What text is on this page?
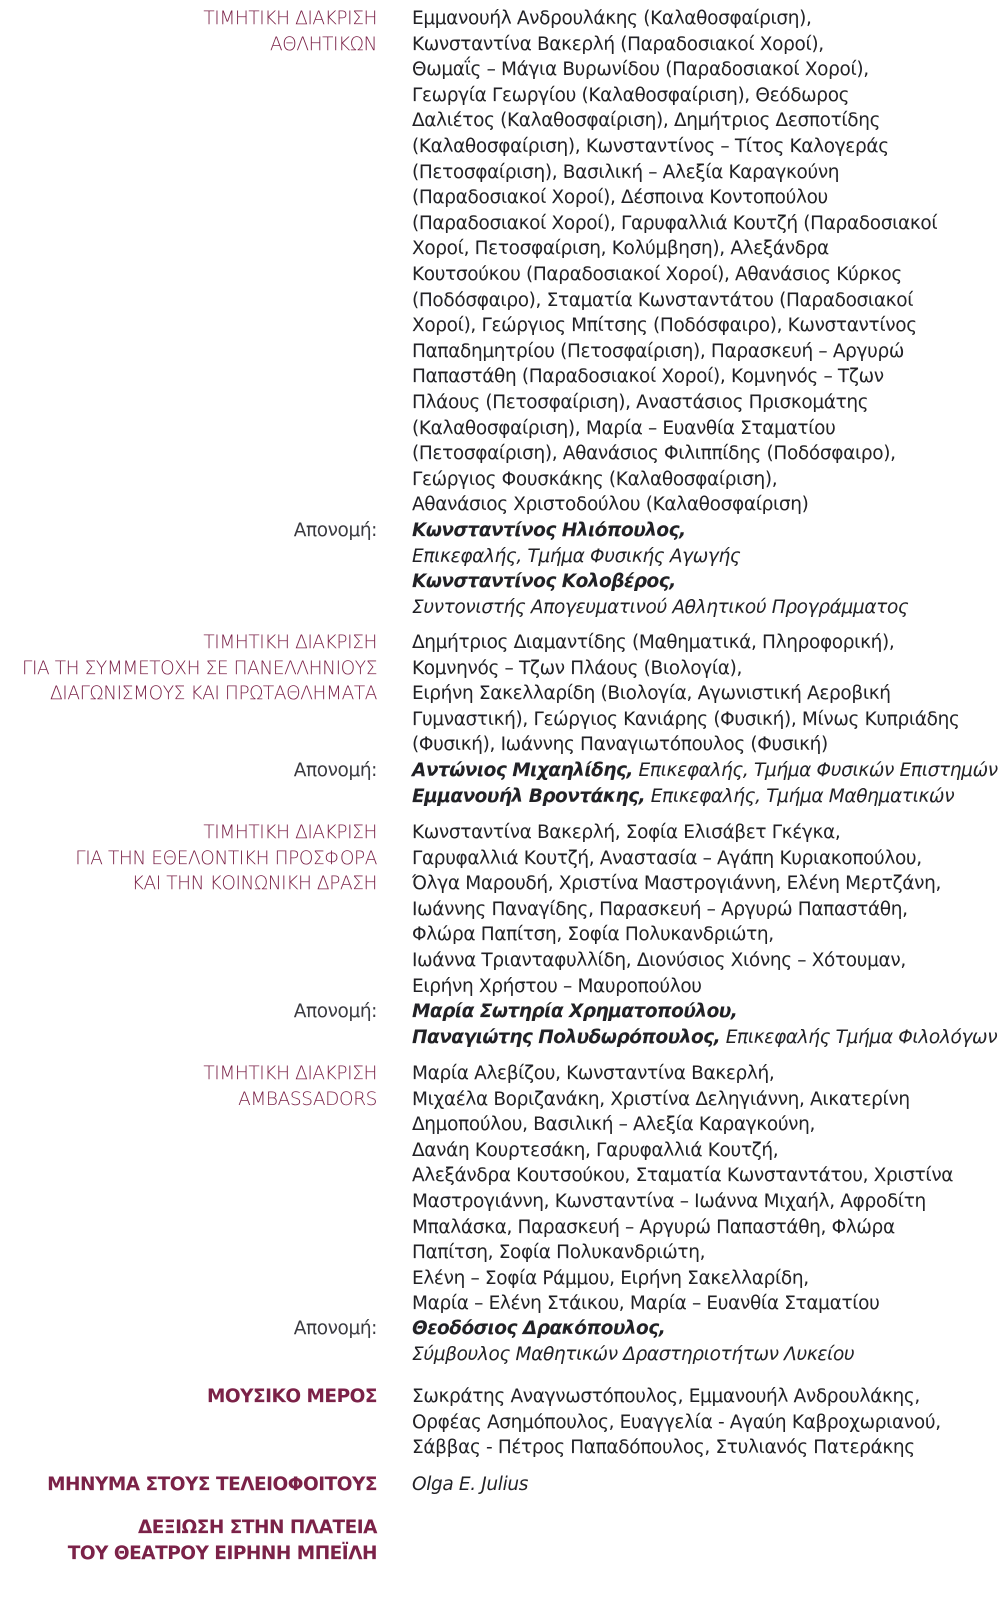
ΤΙΜΗΤΙΚΗ ΔΙΑΚΡΙΣΗ
ΑΘΛΗΤΙΚΩΝ
Εμμανουήλ Ανδρουλάκης (Καλαθοσφαίριση),
Κωνσταντίνα Βακερλή (Παραδοσιακοί Χοροί),
Θωμαΐς – Μάγια Βυρωνίδου (Παραδοσιακοί Χοροί),
Γεωργία Γεωργίου (Καλαθοσφαίριση), Θεόδωρος
Δαλιέτος (Καλαθοσφαίριση), Δημήτριος Δεσποτίδης
(Καλαθοσφαίριση), Κωνσταντίνος – Τίτος Καλογεράς
(Πετοσφαίριση), Βασιλική – Αλεξία Καραγκούνη
(Παραδοσιακοί Χοροί), Δέσποινα Κοντοπούλου
(Παραδοσιακοί Χοροί), Γαρυφαλλιά Κουτζή (Παραδοσιακοί
Χοροί, Πετοσφαίριση, Κολύμβηση), Αλεξάνδρα
Κουτσούκου (Παραδοσιακοί Χοροί), Αθανάσιος Κύρκος
(Ποδόσφαιρο), Σταματία Κωνσταντάτου (Παραδοσιακοί
Χοροί), Γεώργιος Μπίτσης (Ποδόσφαιρο), Κωνσταντίνος
Παπαδημητρίου (Πετοσφαίριση), Παρασκευή – Αργυρώ
Παπαστάθη (Παραδοσιακοί Χοροί), Κομνηνός – Τζων
Πλάους (Πετοσφαίριση), Αναστάσιος Πρισκομάτης
(Καλαθοσφαίριση), Μαρία – Ευανθία Σταματίου
(Πετοσφαίριση), Αθανάσιος Φιλιππίδης (Ποδόσφαιρο),
Γεώργιος Φουσκάκης (Καλαθοσφαίριση),
Αθανάσιος Χριστοδούλου (Καλαθοσφαίριση)
Απονομή: Κωνσταντίνος Ηλιόπουλος,
Επικεφαλής, Τμήμα Φυσικής Αγωγής
Κωνσταντίνος Κολοβέρος,
Συντονιστής Απογευματινού Αθλητικού Προγράμματος
ΤΙΜΗΤΙΚΗ ΔΙΑΚΡΙΣΗ
ΓΙΑ ΤΗ ΣΥΜΜΕΤΟΧΗ ΣΕ ΠΑΝΕΛΛΗΝΙΟΥΣ
ΔΙΑΓΩΝΙΣΜΟΥΣ ΚΑΙ ΠΡΩΤΑΘΛΗΜΑΤΑ
Δημήτριος Διαμαντίδης (Μαθηματικά, Πληροφορική),
Κομνηνός – Τζων Πλάους (Βιολογία),
Ειρήνη Σακελλαρίδη (Βιολογία, Αγωνιστική Αεροβική
Γυμναστική), Γεώργιος Κανιάρης (Φυσική), Μίνως Κυπριάδης
(Φυσική), Ιωάννης Παναγιωτόπουλος (Φυσική)
Απονομή: Αντώνιος Μιχαηλίδης, Επικεφαλής, Τμήμα Φυσικών Επιστημών
Εμμανουήλ Βροντάκης, Επικεφαλής, Τμήμα Μαθηματικών
ΤΙΜΗΤΙΚΗ ΔΙΑΚΡΙΣΗ
ΓΙΑ ΤΗΝ ΕΘΕΛΟΝΤΙΚΗ ΠΡΟΣΦΟΡΑ
ΚΑΙ ΤΗΝ ΚΟΙΝΩΝΙΚΗ ΔΡΑΣΗ
Κωνσταντίνα Βακερλή, Σοφία Ελισάβετ Γκέγκα,
Γαρυφαλλιά Κουτζή, Αναστασία – Αγάπη Κυριακοπούλου,
Όλγα Μαρουδή, Χριστίνα Μαστρογιάννη, Ελένη Μερτζάνη,
Ιωάννης Παναγίδης, Παρασκευή – Αργυρώ Παπαστάθη,
Φλώρα Παπίτση, Σοφία Πολυκανδριώτη,
Ιωάννα Τριανταφυλλίδη, Διονύσιος Χιόνης – Χότουμαν,
Ειρήνη Χρήστου – Μαυροπούλου
Απονομή: Μαρία Σωτηρία Χρηματοπούλου,
Παναγιώτης Πολυδωρόπουλος, Επικεφαλής Τμήμα Φιλολόγων
ΤΙΜΗΤΙΚΗ ΔΙΑΚΡΙΣΗ
AMBASSADORS
Μαρία Αλεβίζου, Κωνσταντίνα Βακερλή,
Μιχαέλα Βοριζανάκη, Χριστίνα Δεληγιάννη, Αικατερίνη
Δημοπούλου, Βασιλική – Αλεξία Καραγκούνη,
Δανάη Κουρτεσάκη, Γαρυφαλλιά Κουτζή,
Αλεξάνδρα Κουτσούκου, Σταματία Κωνσταντάτου, Χριστίνα
Μαστρογιάννη, Κωνσταντίνα – Ιωάννα Μιχαήλ, Αφροδίτη
Μπαλάσκα, Παρασκευή – Αργυρώ Παπαστάθη, Φλώρα
Παπίτση, Σοφία Πολυκανδριώτη,
Ελένη – Σοφία Ράμμου, Ειρήνη Σακελλαρίδη,
Μαρία – Ελένη Στάικου, Μαρία – Ευανθία Σταματίου
Απονομή: Θεοδόσιος Δρακόπουλος,
Σύμβουλος Μαθητικών Δραστηριοτήτων Λυκείου
ΜΟΥΣΙΚΟ ΜΕΡΟΣ Σωκράτης Αναγνωστόπουλος, Εμμανουήλ Ανδρουλάκης,
Ορφέας Ασημόπουλος, Ευαγγελία - Αγαύη Καβροχωριανού,
Σάββας - Πέτρος Παπαδόπουλος, Στυλιανός Πατεράκης
ΜΗΝΥΜΑ ΣΤΟΥΣ ΤΕΛΕΙΟΦΟΙΤΟΥΣ Olga E. Julius
ΔΕΞΙΩΣΗ ΣΤΗΝ ΠΛΑΤΕΙΑ
ΤΟΥ ΘΕΑΤΡΟΥ ΕΙΡΗΝΗ ΜΠΕΪΛΗ
